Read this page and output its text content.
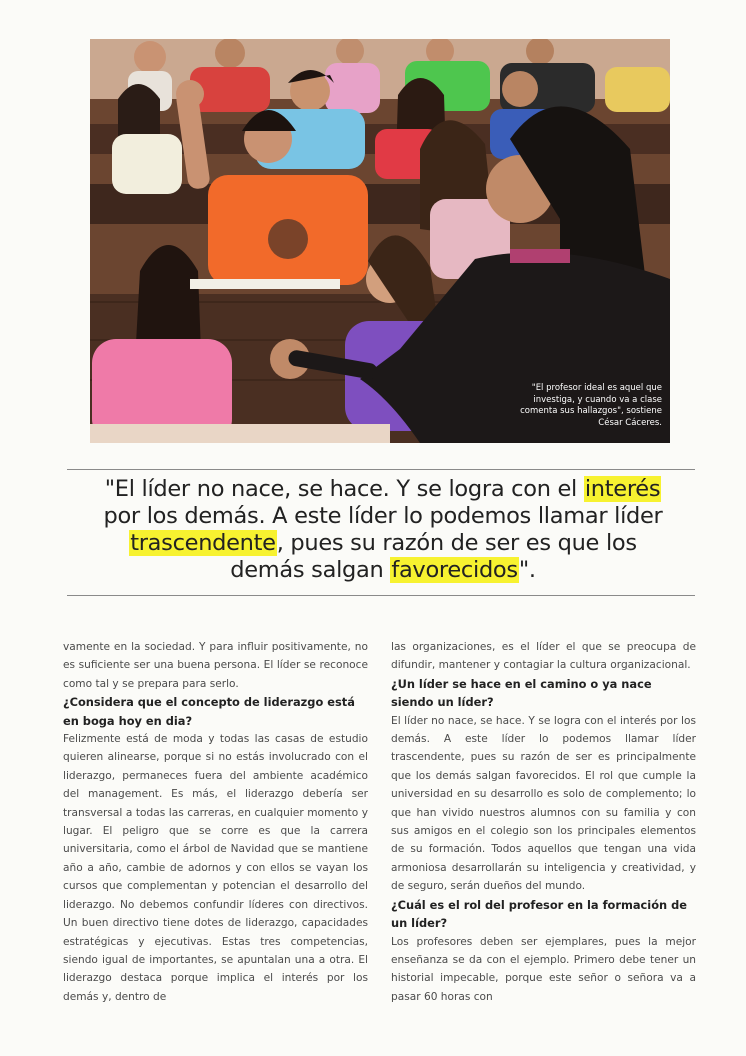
"El profesor ideal es aquel que investiga, y cuando va a clase comenta sus hallazgos", sostiene César Cáceres.
"El líder no nace, se hace. Y se logra con el interés por los demás. A este líder lo podemos llamar líder trascendente, pues su razón de ser es que los demás salgan favorecidos".

vamente en la sociedad. Y para influir positivamente, no es suficiente ser una buena persona. El líder se reconoce como tal y se prepara para serlo.

¿Considera que el concepto de liderazgo está en boga hoy en dia?

Felizmente está de moda y todas las casas de estudio quieren alinearse, porque si no estás involucrado con el liderazgo, permaneces fuera del ambiente académico del management. Es más, el liderazgo debería ser transversal a todas las carreras, en cualquier momento y lugar. El peligro que se corre es que la carrera universitaria, como el árbol de Navidad que se mantiene año a año, cambie de adornos y con ellos se vayan los cursos que complementan y potencian el desarrollo del liderazgo. No debemos confundir líderes con directivos. Un buen directivo tiene dotes de liderazgo, capacidades estratégicas y ejecutivas. Estas tres competencias, siendo igual de importantes, se apuntalan una a otra. El liderazgo destaca porque implica el interés por los demás y, dentro de

las organizaciones, es el líder el que se preocupa de difundir, mantener y contagiar la cultura organizacional.

¿Un líder se hace en el camino o ya nace siendo un líder?

El líder no nace, se hace. Y se logra con el interés por los demás. A este líder lo podemos llamar líder trascendente, pues su razón de ser es principalmente que los demás salgan favorecidos. El rol que cumple la universidad en su desarrollo es solo de complemento; lo que han vivido nuestros alumnos con su familia y con sus amigos en el colegio son los principales elementos de su formación. Todos aquellos que tengan una vida armoniosa desarrollarán su inteligencia y creatividad, y de seguro, serán dueños del mundo.

¿Cuál es el rol del profesor en la formación de un líder?

Los profesores deben ser ejemplares, pues la mejor enseñanza se da con el ejemplo. Primero debe tener un historial impecable, porque este señor o señora va a pasar 60 horas con
